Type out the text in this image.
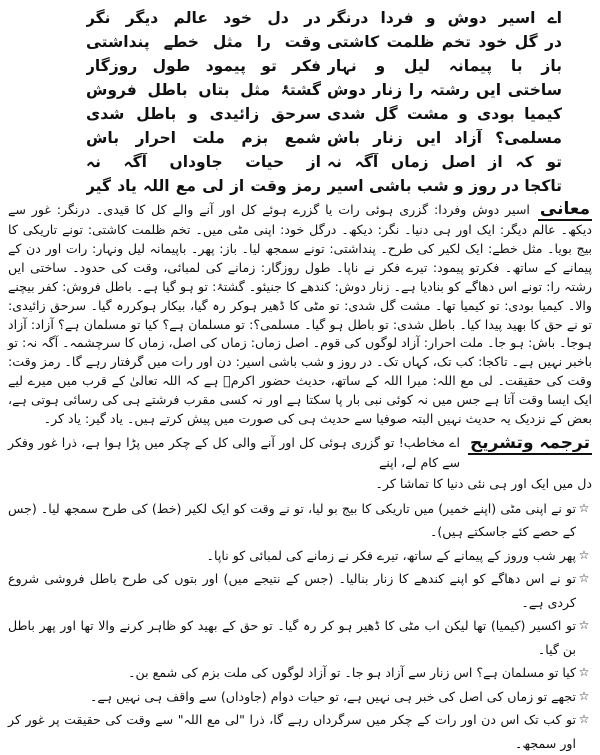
اے اسیر دوش و فردا درنگر
در دل خود عالم دیگر نگر
در گل خود تخم ظلمت کاشتی
وقت را مثل خطے پنداشتی
باز با پیمانہ لیل و نہار
فکر تو پیمود طول روزگار
ساختی ایں رشتہ را زنار دوش
گشتۂ مثل بتاں باطل فروش
کیمیا بودی و مشت گل شدی
سرحق زائیدی و باطل شدی
مسلمی؟ آزاد ایں زنار باش
شمع بزم ملت احرار باش
تو کہ از اصل زماں آگہ نہ
از حیات جاوداں آگہ نہ
تاکجا در روز و شب باشی اسیر
رمز وقت از لی مع اللہ یاد گیر
معانیاسیر دوش وفردا: گزری ہوئی رات یا گزرے ہوئے کل اور آنے والے کل کا قیدی۔ درنگر: غور سے دیکھ۔ عالم دیگر: ایک اور ہی دنیا۔ نگر: دیکھ۔ درگل خود: اپنی مٹی میں۔ تخم ظلمت کاشتی: تونے تاریکی کا بیج بویا۔ مثل خطے: ایک لکیر کی طرح۔ پنداشتی: تونے سمجھ لیا۔ باز: پھر۔ باپیمانہ لیل ونہار: رات اور دن کے پیمانے کے ساتھ۔ فکرتو پیمود: تیرے فکر نے ناپا۔ طول روزگار: زمانے کی لمبائی، وقت کی حدود۔ ساختی ایں رشتہ را: تونے اس دھاگے کو بنادیا ہے۔ زنار دوش: کندھے کا جنیئو۔ گشتۂ: تو ہو گیا ہے۔ باطل فروش: کفر بیچنے والا۔ کیمیا بودی: تو کیمیا تھا۔ مشت گل شدی: تو مٹی کا ڈھیر ہوکر رہ گیا، بیکار ہوکررہ گیا۔ سرحق زائیدی: تو نے حق کا بھید پیدا کیا۔ باطل شدی: تو باطل ہو گیا۔ مسلمی؟: تو مسلمان ہے؟ کیا تو مسلمان ہے؟ آزاد: آزاد ہوجا۔ باش: ہو جا۔ ملت احرار: آزاد لوگوں کی قوم۔ اصل زماں: زماں کی اصل، زماں کا سرچشمہ۔ آگہ نہ: تو باخبر نہیں ہے۔ تاکجا: کب تک، کہاں تک۔ در روز و شب باشی اسیر: دن اور رات میں گرفتار رہے گا۔ رمز وقت: وقت کی حقیقت۔ لی مع اللہ: میرا اللہ کے ساتھ، حدیث حضور اکرمؐ ہے کہ اللہ تعالیٰ کے قرب میں میرے لیے ایک ایسا وقت آتا ہے جس میں نہ کوئی نبی بار پا سکتا ہے اور نہ کسی مقرب فرشتے ہی کی رسائی ہوتی ہے، بعض کے نزدیک یہ حدیث نہیں البتہ صوفیا سے حدیث ہی کی صورت میں پیش کرتے ہیں۔ یاد گیر: یاد کر۔
ترجمہ وتشریح
اے مخاطب! تو گزری ہوئی کل اور آنے والی کل کے چکر میں پڑا ہوا ہے، ذرا غور وفکر سے کام لے، اپنے
دل میں ایک اور ہی نئی دنیا کا تماشا کر۔
☆
تو نے اپنی مٹی (اپنے خمیر) میں تاریکی کا بیج بو لیا، تو نے وقت کو ایک لکیر (خط) کی طرح سمجھ لیا۔ (جس کے حصے کئے جاسکتے ہیں)۔
☆
پھر شب وروز کے پیمانے کے ساتھ، تیرے فکر نے زمانے کی لمبائی کو ناپا۔
☆
تو نے اس دھاگے کو اپنے کندھے کا زنار بنالیا۔ (جس کے نتیجے میں) اور بتوں کی طرح باطل فروشی شروع کردی ہے۔
☆
تو اکسیر (کیمیا) تھا لیکن اب مٹی کا ڈھیر ہو کر رہ گیا۔ تو حق کے بھید کو ظاہر کرنے والا تھا اور پھر باطل بن گیا۔
☆
کیا تو مسلمان ہے؟ اس زنار سے آزاد ہو جا۔ تو آزاد لوگوں کی ملت بزم کی شمع بن۔
☆
تجھے تو زماں کی اصل کی خبر ہی نہیں ہے، تو حیات دوام (جاوداں) سے واقف ہی نہیں ہے۔
☆
تو کب تک اس دن اور رات کے چکر میں سرگرداں رہے گا، ذرا "لی مع اللہ" سے وقت کی حقیقت پر غور کر اور سمجھ۔
